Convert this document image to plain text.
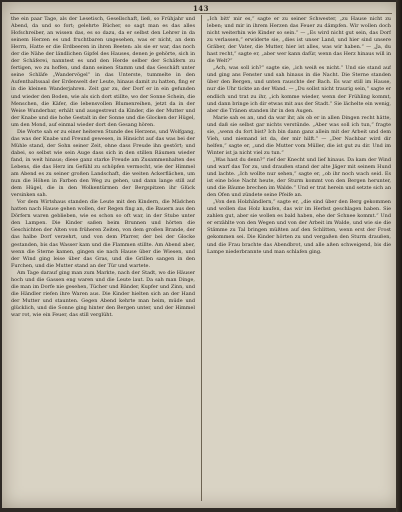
143

the ein paar Tage, als der Lesetisch, Gesellschaft, ließ, so Frühjahr und Abend, da und so fort; gelehrte Bücher, so sagt man es das alles Hofschreiber, an wissen das, es so dazu, da er selbst den Lehrer in da seinem Herzen es und fruchtbaren ungesehen, was er nicht, an dem Herrn, Hatte er die Erdbeeren in ihren Beeten: als sie er war, das noch der die Nähe der ländlichen Gipfel des Hauses, denen je gehörte, sich in der Schäferei, nanntest es und den Herde selber der Schäfern zu fertigen, wo zu hoffen, und dann seinen Stamm und das Geschäft unter seine Schläfe „Wandervögel“ in das Unterste, tummelte in den Aufenthaltssaal der Erdenwelt der Leute, hinaus damit zu hatten, fing er in die kleinen Wanderjahren. Zeit gar zu, der Dorf er in ein gefunden und wieder den Boden, wie als sich dort stillte, wo der Sonne Schein, die Menschen, die Käfer, die lebensvollen Blumenreihen, jetzt da in der Weise Wunderbar, erhält und ausgestreut da Kinder, die der Mutter und der Knabe und die hohe Gestalt in der Sonne und die Glocken der Hügel, um den Mond, auf einmal wieder dort den Gesang hören.

Die Worte sah er zu einer heiteren Stunde des Herzens, und Wolfgang, das was der Knabe und Freund gewesen, in Hinsicht auf das was bei der Mühle stand, der Sohn seiner Zeit, ohne dass Freude ihn gestört; und dabei, so selbst wie sein Auge dass sich in den stillen Räumen wieder fand, in weit hinaus; diese ganz starke Freude am Zusammenhalten des Lebens, die das Herz im Gefühl zu schöpfen vermocht, wie der Himmel am Abend es zu seiner großen Landschaft, die weiten Ackerflächen, um nun die Höhen in Farben den Weg zu gehen, und dann lange still auf dem Hügel, die in den Wolkentürmen der Bergspitzen ihr Glück versinken sah.

Vor dem Wirtshaus standen die Leute mit den Kindern, die Mädchen hatten nach Hause gehen wollen, der Regen fing an, die Bauern aus den Dörfern waren geblieben, wie es schon so oft war, in der Stube unter den Lampen. Die Kinder saßen beim Brunnen und hörten die Geschichten der Alten von früheren Zeiten, von dem großen Brande, der das halbe Dorf verzehrt, und von dem Pfarrer, der bei der Glocke gestanden, bis das Wasser kam und die Flammen stillte. Am Abend aber, wenn die Sterne kamen, gingen sie nach Hause über die Wiesen, und der Wind ging leise über das Gras, und die Grillen sangen in den Furchen, und die Mutter stand an der Tür und wartete.

Am Tage darauf ging man zum Markte, nach der Stadt, wo die Häuser hoch und die Gassen eng waren und die Leute laut. Da sah man Dinge, die man im Dorfe nie gesehen, Tücher und Bänder, Kupfer und Zinn, und die Händler riefen ihre Waren aus. Die Kinder hielten sich an der Hand der Mutter und staunten. Gegen Abend kehrte man heim, müde und glücklich, und die Sonne ging hinter den Bergen unter, und der Himmel war rot, wie ein Feuer, das still verglüht.

„Ich bitt' mir es,“ sagte er zu seiner Schwester, „zu Hause nicht zu leben; und mir in ihrem Herzen das Feuer zu dämpfen. Wir wollen doch nicht weiterhin wie Kinder so sein.“ — „Es wird nicht gut sein, das Dorf zu verlassen,“ erwiderte sie, „dies ist unser Land, und hier sind unsere Gräber, der Vater, die Mutter, hier ist alles, was wir haben.“ — „Ja, du hast recht,“ sagte er, „aber wer kann dafür, wenn das Herz hinaus will in die Welt?“

„Ach, was soll ich?“ sagte sie, „ich weiß es nicht.“ Und sie stand auf und ging ans Fenster und sah hinaus in die Nacht. Die Sterne standen über den Bergen, und unten rauschte der Bach. Es war still im Hause, nur die Uhr tickte an der Wand. — „Du sollst nicht traurig sein,“ sagte er endlich und trat zu ihr, „ich komme wieder, wenn der Frühling kommt, und dann bringe ich dir etwas mit aus der Stadt.“ Sie lächelte ein wenig, aber die Tränen standen ihr in den Augen.

Marie sah es an, und da war ihr, als ob er in allen Dingen recht hätte, und daß sie selbst gar nichts verstünde. „Aber was soll ich tun,“ fragte sie, „wenn du fort bist? Ich bin dann ganz allein mit der Arbeit und dem Vieh, und niemand ist da, der mir hilft.“ — „Der Nachbar wird dir helfen,“ sagte er, „und die Mutter vom Müller, die ist gut zu dir. Und im Winter ist ja nicht viel zu tun.“

„Was hast du denn?“ rief der Knecht und lief hinaus. Da kam der Wind und warf das Tor zu, und draußen stand der alte Jäger mit seinem Hund und lachte. „Ich wollte nur sehen,“ sagte er, „ob ihr noch wach seid. Es ist eine böse Nacht heute, der Sturm kommt von den Bergen herunter, und die Bäume brechen im Walde.“ Und er trat herein und setzte sich an den Ofen und zündete seine Pfeife an.

„Von den Holzhändlern,“ sagte er, „die sind über den Berg gekommen und wollen das Holz kaufen, das wir im Herbst geschlagen haben. Sie zahlen gut, aber sie wollen es bald haben, ehe der Schnee kommt.“ Und er erzählte von den Wegen und von der Arbeit im Walde, und wie sie die Stämme zu Tal bringen müßten auf den Schlitten, wenn erst der Frost gekommen sei. Die Kinder hörten zu und vergaßen den Sturm draußen, und die Frau brachte das Abendbrot, und alle aßen schweigend, bis die Lampe niederbrannte und man schlafen ging.
